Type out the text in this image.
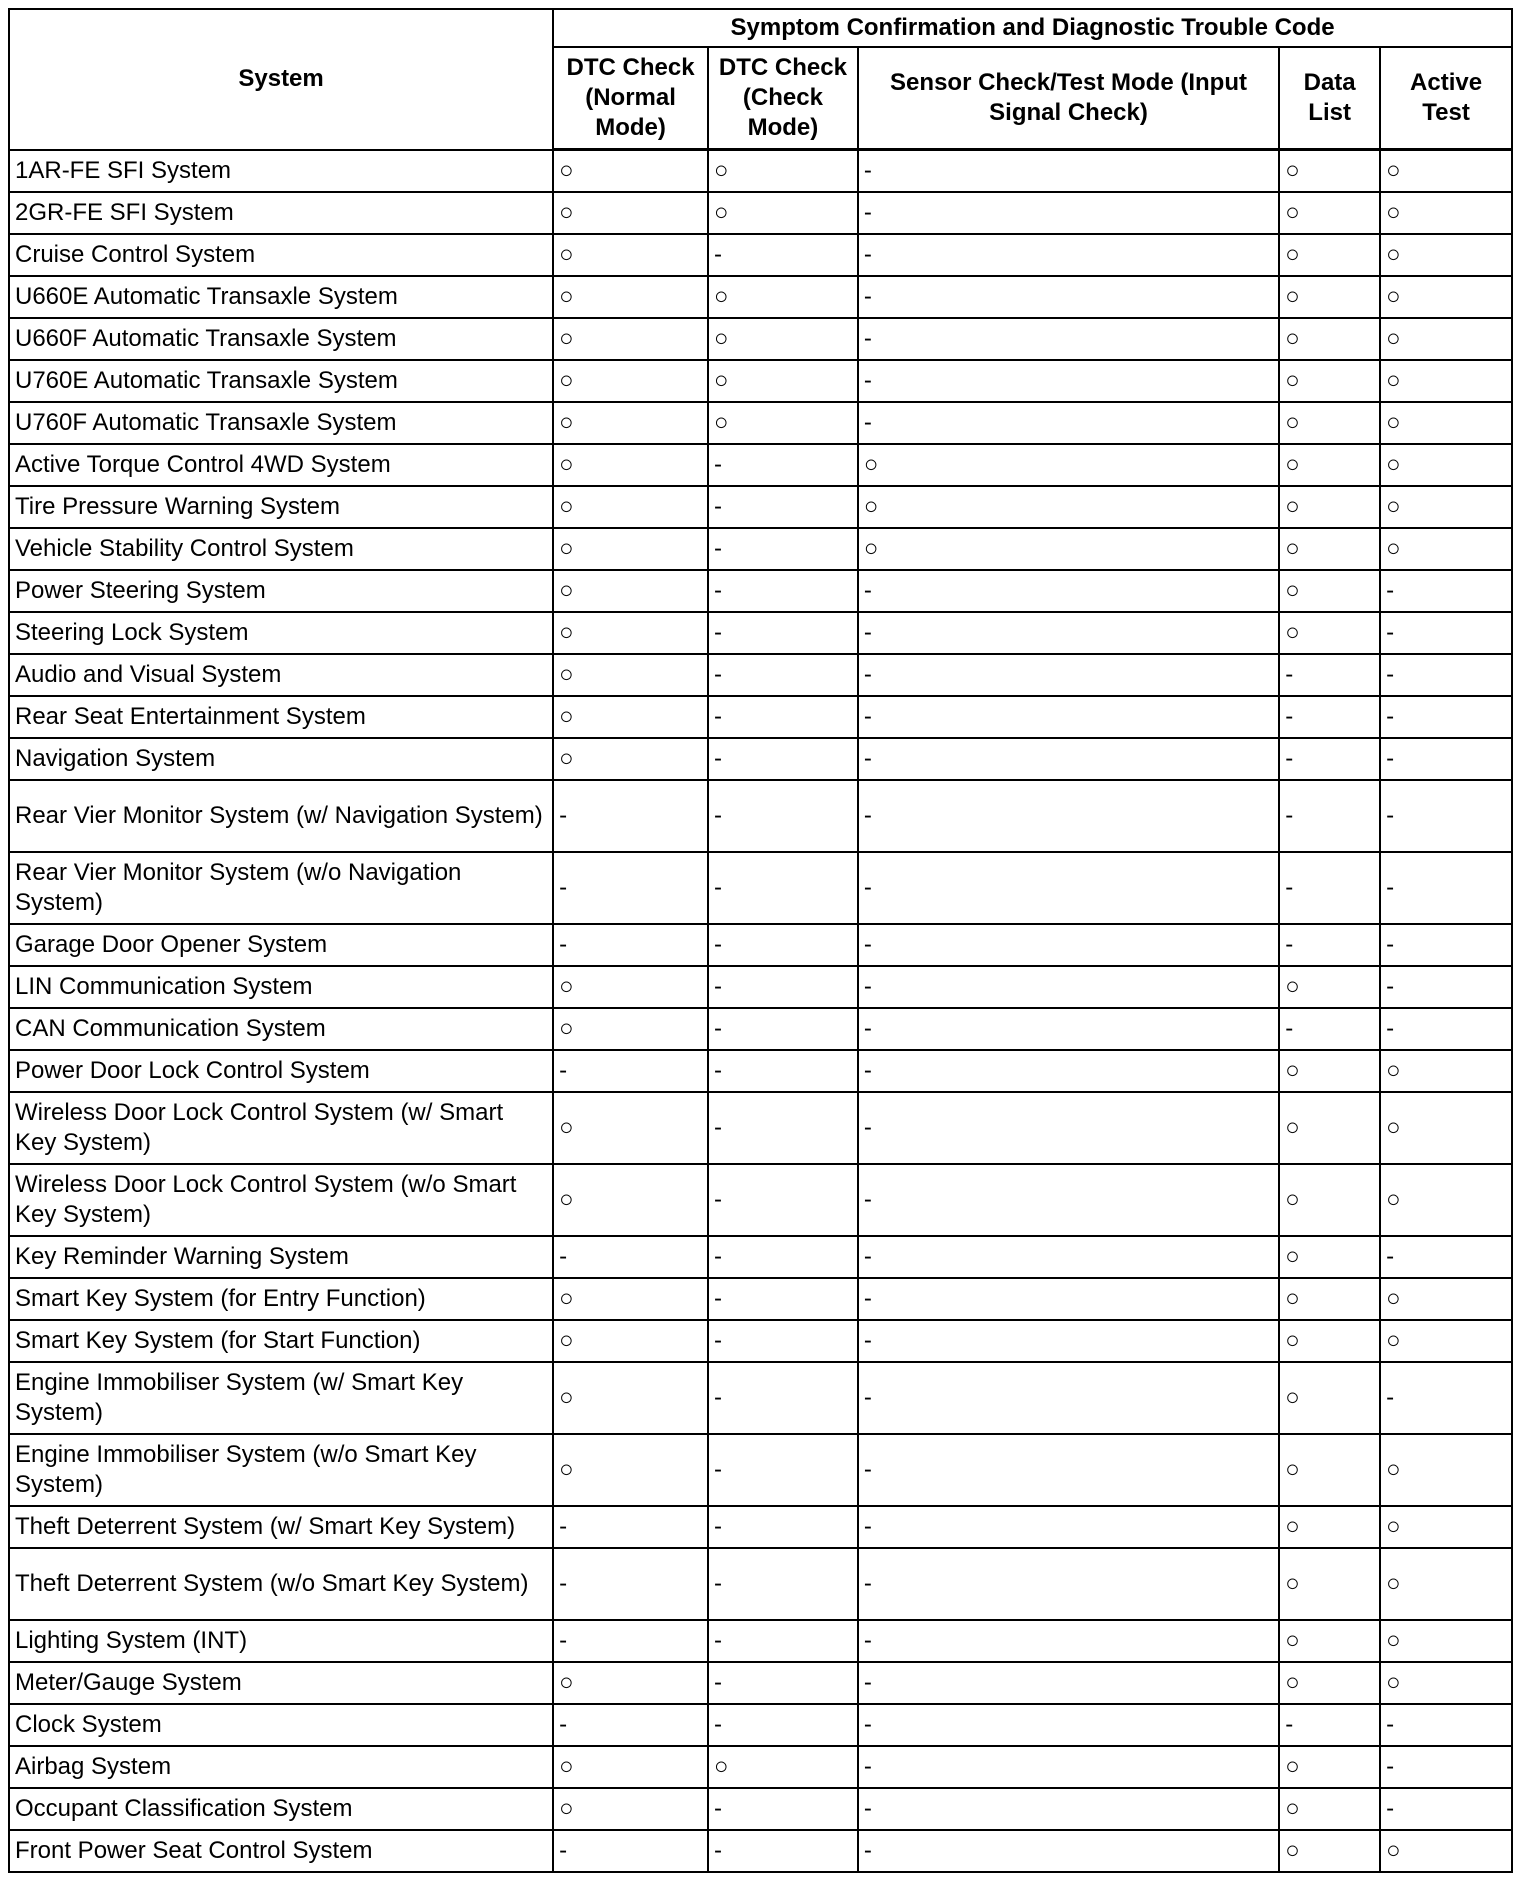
System	Symptom Confirmation and Diagnostic Trouble Code				
	DTC Check (Normal Mode)	DTC Check (Check Mode)	Sensor Check/Test Mode (Input Signal Check)	Data List	Active Test
1AR-FE SFI System	○	○	-	○	○
2GR-FE SFI System	○	○	-	○	○
Cruise Control System	○	-	-	○	○
U660E Automatic Transaxle System	○	○	-	○	○
U660F Automatic Transaxle System	○	○	-	○	○
U760E Automatic Transaxle System	○	○	-	○	○
U760F Automatic Transaxle System	○	○	-	○	○
Active Torque Control 4WD System	○	-	○	○	○
Tire Pressure Warning System	○	-	○	○	○
Vehicle Stability Control System	○	-	○	○	○
Power Steering System	○	-	-	○	-
Steering Lock System	○	-	-	○	-
Audio and Visual System	○	-	-	-	-
Rear Seat Entertainment System	○	-	-	-	-
Navigation System	○	-	-	-	-
Rear Vier Monitor System (w/ Navigation System)	-	-	-	-	-
Rear Vier Monitor System (w/o Navigation System)	-	-	-	-	-
Garage Door Opener System	-	-	-	-	-
LIN Communication System	○	-	-	○	-
CAN Communication System	○	-	-	-	-
Power Door Lock Control System	-	-	-	○	○
Wireless Door Lock Control System (w/ Smart Key System)	○	-	-	○	○
Wireless Door Lock Control System (w/o Smart Key System)	○	-	-	○	○
Key Reminder Warning System	-	-	-	○	-
Smart Key System (for Entry Function)	○	-	-	○	○
Smart Key System (for Start Function)	○	-	-	○	○
Engine Immobiliser System (w/ Smart Key System)	○	-	-	○	-
Engine Immobiliser System (w/o Smart Key System)	○	-	-	○	○
Theft Deterrent System (w/ Smart Key System)	-	-	-	○	○
Theft Deterrent System (w/o Smart Key System)	-	-	-	○	○
Lighting System (INT)	-	-	-	○	○
Meter/Gauge System	○	-	-	○	○
Clock System	-	-	-	-	-
Airbag System	○	○	-	○	-
Occupant Classification System	○	-	-	○	-
Front Power Seat Control System	-	-	-	○	○
